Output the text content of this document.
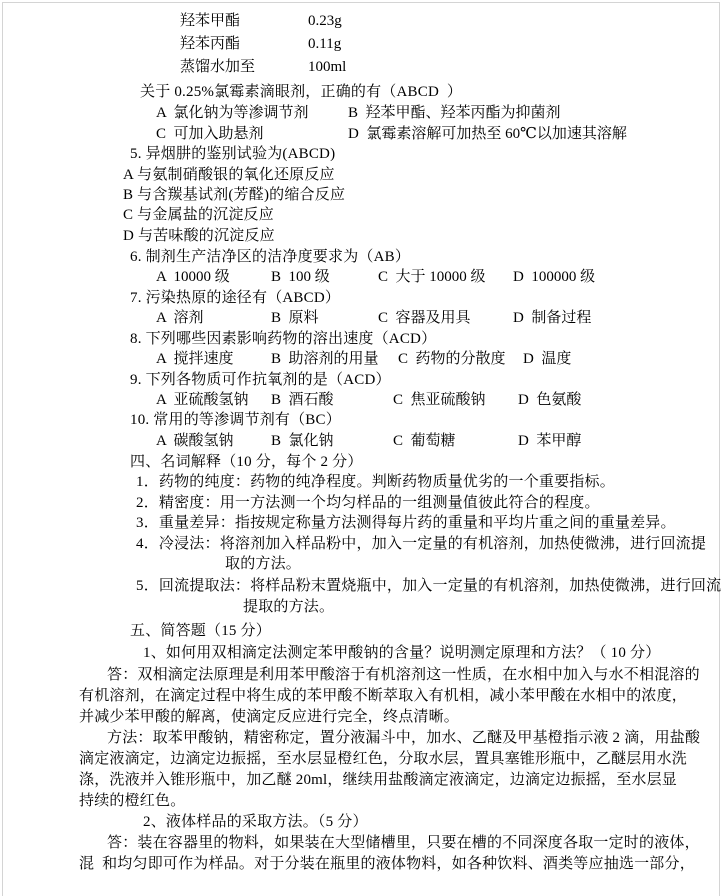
羟苯甲酯	0.23g
羟苯丙酯	0.11g
蒸馏水加至	100ml
关于 0.25%氯霉素滴眼剂，正确的有（ABCD  ）
A  氯化钠为等渗调节剂	B  羟苯甲酯、羟苯丙酯为抑菌剂
C  可加入助悬剂	D  氯霉素溶解可加热至 60℃以加速其溶解
5. 异烟肼的鉴别试验为(ABCD)
A 与氨制硝酸银的氧化还原反应
B 与含羰基试剂(芳醛)的缩合反应
C 与金属盐的沉淀反应
D 与苦味酸的沉淀反应
6. 制剂生产洁净区的洁净度要求为（AB）
A  10000 级	B  100 级	C  大于 10000 级 D  100000 级
7. 污染热原的途径有（ABCD）
A  溶剂	B  原料	C  容器及用具	D  制备过程
8. 下列哪些因素影响药物的溶出速度（ACD）
A  搅拌速度 B  助溶剂的用量 C  药物的分散度 D  温度
9. 下列各物质可作抗氧剂的是（ACD）
A  亚硫酸氢钠 B  酒石酸	C  焦亚硫酸钠 D  色氨酸
10. 常用的等渗调节剂有（BC）
A  碳酸氢钠 B  氯化钠	C  葡萄糖	D  苯甲醇
四、名词解释（10 分，每个 2 分）
1．药物的纯度：药物的纯净程度。判断药物质量优劣的一个重要指标。
2．精密度：用一方法测一个均匀样品的一组测量值彼此符合的程度。
3．重量差异：指按规定称量方法测得每片药的重量和平均片重之间的重量差异。
4．冷浸法：将溶剂加入样品粉中，加入一定量的有机溶剂，加热使微沸，进行回流提
取的方法。
5．回流提取法：将样品粉末置烧瓶中，加入一定量的有机溶剂，加热使微沸，进行回流
提取的方法。
五、简答题（15 分）
1、如何用双相滴定法测定苯甲酸钠的含量？说明测定原理和方法？（ 10 分）
答：双相滴定法原理是利用苯甲酸溶于有机溶剂这一性质，在水相中加入与水不相混溶的
有机溶剂，在滴定过程中将生成的苯甲酸不断萃取入有机相，减小苯甲酸在水相中的浓度，
并减少苯甲酸的解离，使滴定反应进行完全，终点清晰。
方法：取苯甲酸钠，精密称定，置分液漏斗中，加水、乙醚及甲基橙指示液 2 滴，用盐酸
滴定液滴定，边滴定边振摇，至水层显橙红色，分取水层，置具塞锥形瓶中，乙醚层用水洗
涤，洗液并入锥形瓶中，加乙醚 20ml，继续用盐酸滴定液滴定，边滴定边振摇，至水层显
持续的橙红色。
2、液体样品的采取方法。（5 分）
答：装在容器里的物料，如果装在大型储槽里，只要在槽的不同深度各取一定时的液体，
混  和均匀即可作为样品。对于分装在瓶里的液体物料，如各种饮料、酒类等应抽选一部分，
